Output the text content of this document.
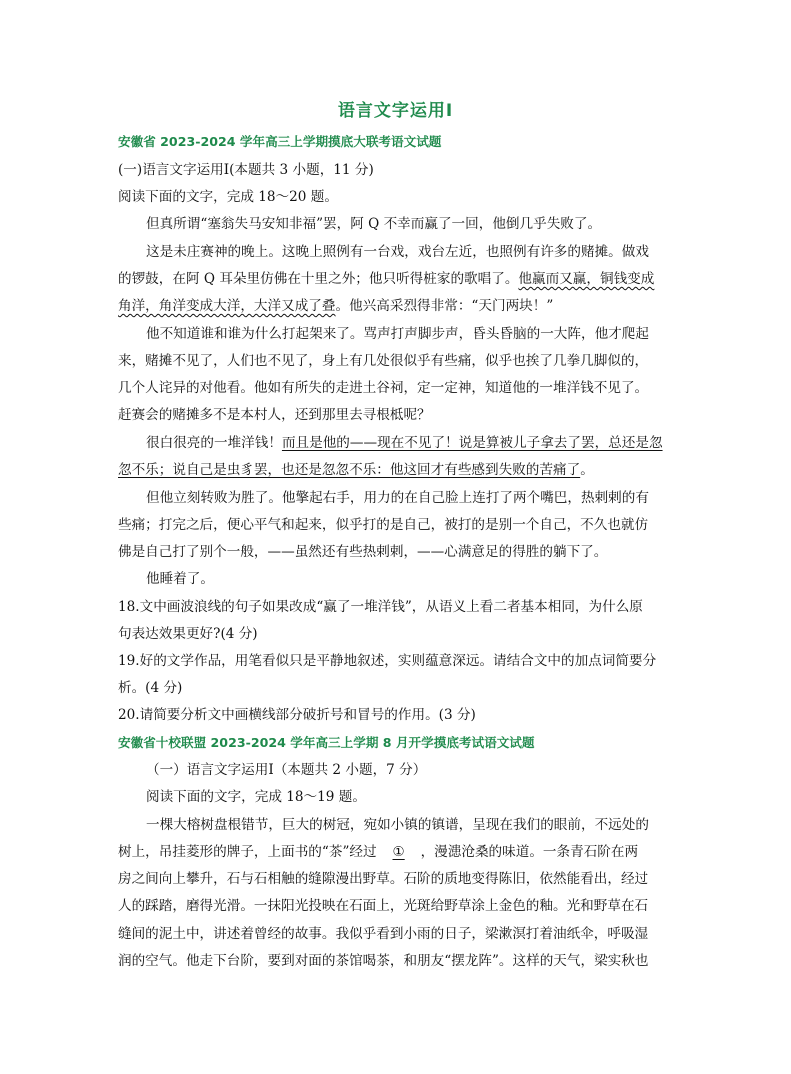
语言文字运用Ⅰ
安徽省 2023-2024 学年高三上学期摸底大联考语文试题
(一)语言文字运用Ⅰ(本题共 3 小题，11 分)
阅读下面的文字，完成 18～20 题。
但真所谓“塞翁失马安知非福”罢，阿 Q 不幸而赢了一回，他倒几乎失败了。
这是未庄赛神的晚上。这晚上照例有一台戏，戏台左近，也照例有许多的赌摊。做戏
的锣鼓，在阿 Q 耳朵里仿佛在十里之外；他只听得桩家的歌唱了。他赢而又赢，铜钱变成
角洋，角洋变成大洋，大洋又成了叠。他兴高采烈得非常：“天门两块！”
他不知道谁和谁为什么打起架来了。骂声打声脚步声，昏头昏脑的一大阵，他才爬起
来，赌摊不见了，人们也不见了，身上有几处很似乎有些痛，似乎也挨了几拳几脚似的，
几个人诧异的对他看。他如有所失的走进土谷祠，定一定神，知道他的一堆洋钱不见了。
赶赛会的赌摊多不是本村人，还到那里去寻根柢呢？
很白很亮的一堆洋钱！而且是他的——现在不见了！说是算被儿子拿去了罢，总还是忽
忽不乐；说自己是虫豸罢，也还是忽忽不乐：他这回才有些感到失败的苦痛了。
但他立刻转败为胜了。他擎起右手，用力的在自己脸上连打了两个嘴巴，热剌剌的有
些痛；打完之后，便心平气和起来，似乎打的是自己，被打的是别一个自己，不久也就仿
佛是自己打了别个一般，——虽然还有些热剌剌，——心满意足的得胜的躺下了。
他睡着了。
18.文中画波浪线的句子如果改成“赢了一堆洋钱”，从语义上看二者基本相同，为什么原
句表达效果更好?(4 分)
19.好的文学作品，用笔看似只是平静地叙述，实则蕴意深远。请结合文中的加点词简要分
析。(4 分)
20.请简要分析文中画横线部分破折号和冒号的作用。(3 分)
安徽省十校联盟 2023-2024 学年高三上学期 8 月开学摸底考试语文试题
（一）语言文字运用Ⅰ（本题共 2 小题，7 分）
阅读下面的文字，完成 18～19 题。
一棵大榕树盘根错节，巨大的树冠，宛如小镇的镇谱，呈现在我们的眼前，不远处的
树上，吊挂菱形的牌子，上面书的“茶”经过 ① ，漫漶沧桑的味道。一条青石阶在两
房之间向上攀升，石与石相触的缝隙漫出野草。石阶的质地变得陈旧，依然能看出，经过
人的踩踏，磨得光滑。一抹阳光投映在石面上，光斑给野草涂上金色的釉。光和野草在石
缝间的泥土中，讲述着曾经的故事。我似乎看到小雨的日子，梁漱溟打着油纸伞，呼吸湿
润的空气。他走下台阶，要到对面的茶馆喝茶，和朋友“摆龙阵”。这样的天气，梁实秋也
